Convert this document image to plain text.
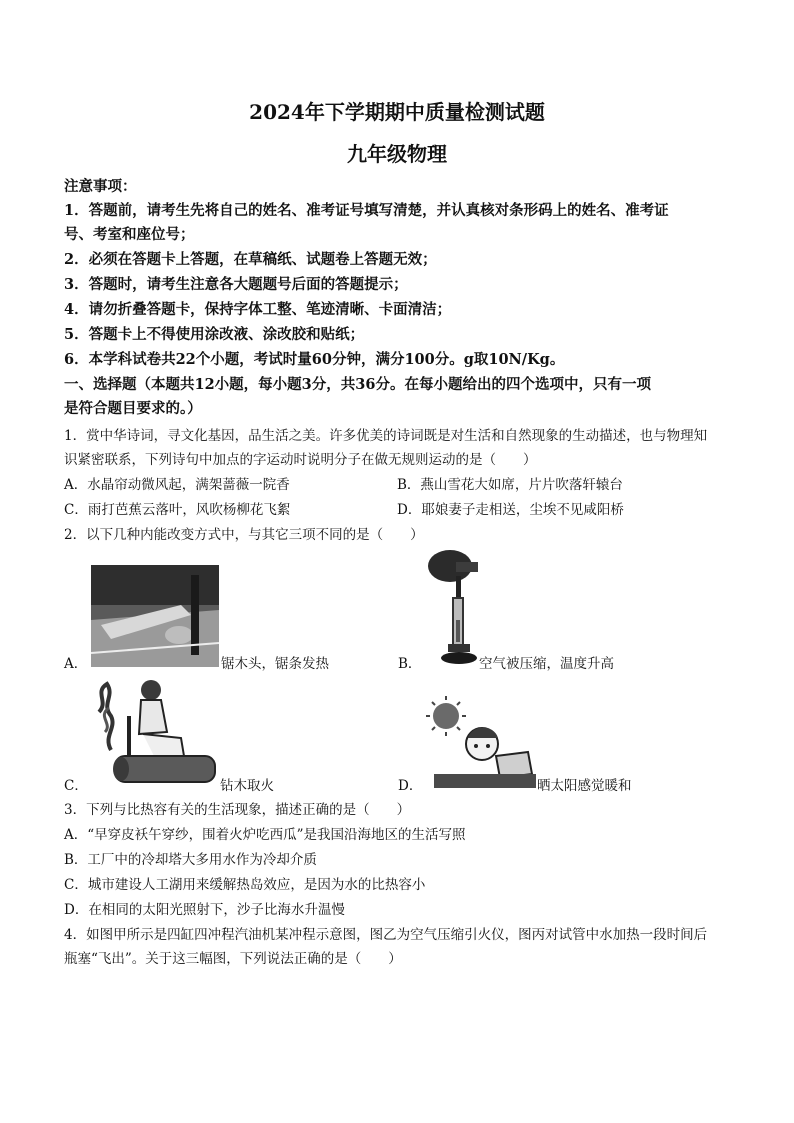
2024年下学期期中质量检测试题
九年级物理
注意事项：
1．答题前，请考生先将自己的姓名、准考证号填写清楚，并认真核对条形码上的姓名、准考证
号、考室和座位号；
2．必须在答题卡上答题，在草稿纸、试题卷上答题无效；
3．答题时，请考生注意各大题题号后面的答题提示；
4．请勿折叠答题卡，保持字体工整、笔迹清晰、卡面清洁；
5．答题卡上不得使用涂改液、涂改胶和贴纸；
6．本学科试卷共22个小题，考试时量60分钟，满分100分。g取10N/Kg。
一、选择题（本题共12小题，每小题3分，共36分。在每小题给出的四个选项中，只有一项
是符合题目要求的。）
1．赏中华诗词，寻文化基因，品生活之美。许多优美的诗词既是对生活和自然现象的生动描述，也与物理知
识紧密联系，下列诗句中加点的字运动时说明分子在做无规则运动的是（　　）
A．水晶帘动微风起，满架蔷薇一院香	B．燕山雪花大如席，片片吹落轩辕台
C．雨打芭蕉云落叶，风吹杨柳花飞絮	D．耶娘妻子走相送，尘埃不见咸阳桥
2．以下几种内能改变方式中，与其它三项不同的是（　　）
A．	锯木头，锯条发热	B．	空气被压缩，温度升高
C．	钻木取火	D．	晒太阳感觉暖和
3．下列与比热容有关的生活现象，描述正确的是（　　）
A．“早穿皮袄午穿纱，围着火炉吃西瓜”是我国沿海地区的生活写照
B．工厂中的冷却塔大多用水作为冷却介质
C．城市建设人工湖用来缓解热岛效应，是因为水的比热容小
D．在相同的太阳光照射下，沙子比海水升温慢
4．如图甲所示是四缸四冲程汽油机某冲程示意图，图乙为空气压缩引火仪，图丙对试管中水加热一段时间后
瓶塞“飞出”。关于这三幅图，下列说法正确的是（　　）
